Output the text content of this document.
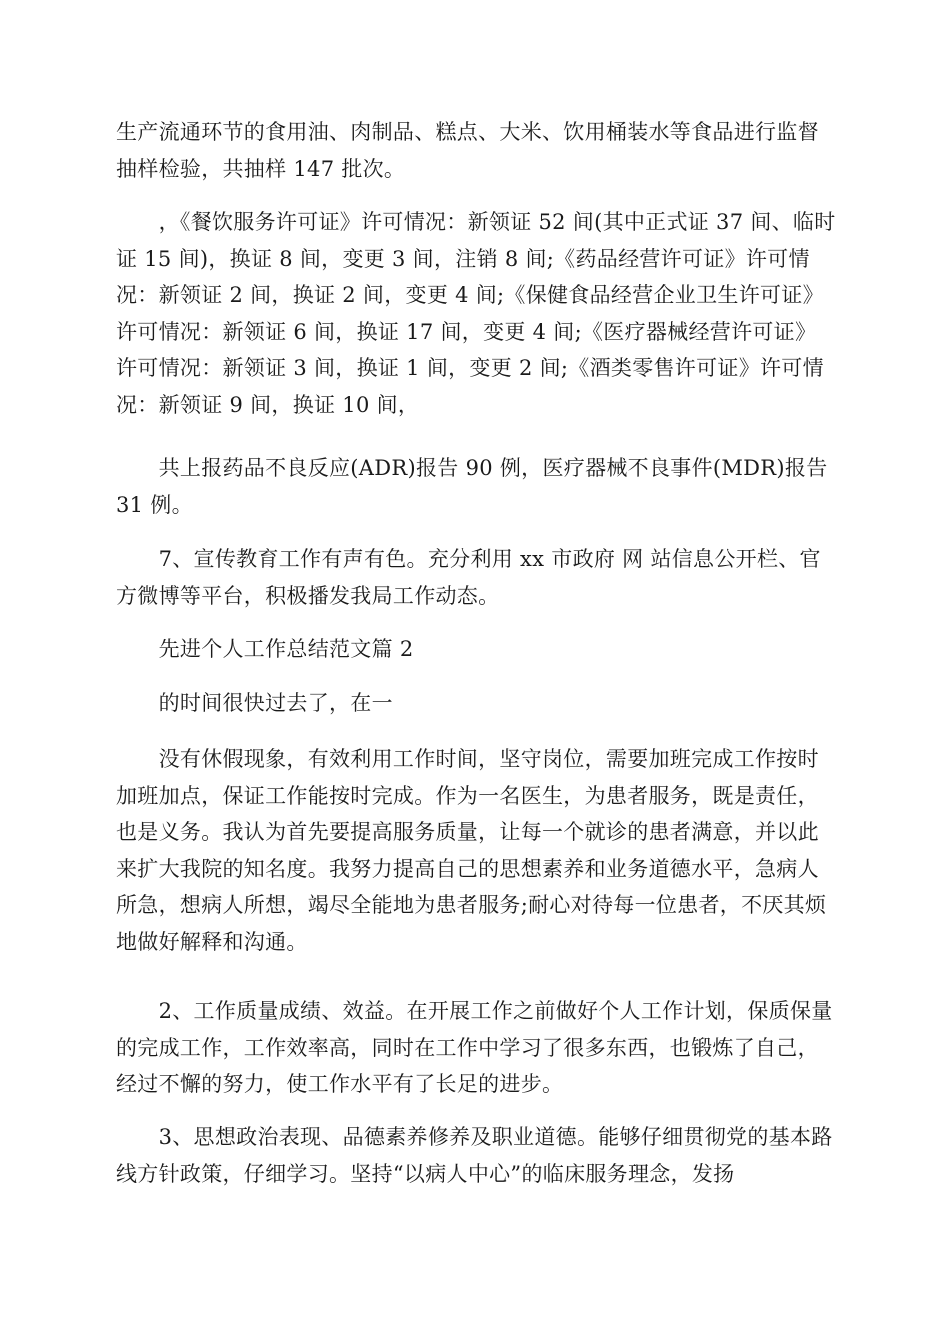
生产流通环节的食用油、肉制品、糕点、大米、饮用桶装水等食品进行监督抽样检验，共抽样 147 批次。

　　，《餐饮服务许可证》许可情况：新领证 52 间(其中正式证 37 间、临时证 15 间)，换证 8 间，变更 3 间，注销 8 间;《药品经营许可证》许可情况：新领证 2 间，换证 2 间，变更 4 间;《保健食品经营企业卫生许可证》许可情况：新领证 6 间，换证 17 间，变更 4 间;《医疗器械经营许可证》许可情况：新领证 3 间，换证 1 间，变更 2 间;《酒类零售许可证》许可情况：新领证 9 间，换证 10 间，

　　共上报药品不良反应(ADR)报告 90 例，医疗器械不良事件(MDR)报告 31 例。

　　7、宣传教育工作有声有色。充分利用 xx 市政府 网 站信息公开栏、官方微博等平台，积极播发我局工作动态。

　　先进个人工作总结范文篇 2

　　的时间很快过去了，在一

　　没有休假现象，有效利用工作时间，坚守岗位，需要加班完成工作按时加班加点，保证工作能按时完成。作为一名医生，为患者服务，既是责任，也是义务。我认为首先要提高服务质量，让每一个就诊的患者满意，并以此来扩大我院的知名度。我努力提高自己的思想素养和业务道德水平，急病人所急，想病人所想，竭尽全能地为患者服务;耐心对待每一位患者，不厌其烦地做好解释和沟通。

　　2、工作质量成绩、效益。在开展工作之前做好个人工作计划，保质保量的完成工作，工作效率高，同时在工作中学习了很多东西，也锻炼了自己，经过不懈的努力，使工作水平有了长足的进步。

　　3、思想政治表现、品德素养修养及职业道德。能够仔细贯彻党的基本路线方针政策，仔细学习。坚持“以病人中心”的临床服务理念，发扬
